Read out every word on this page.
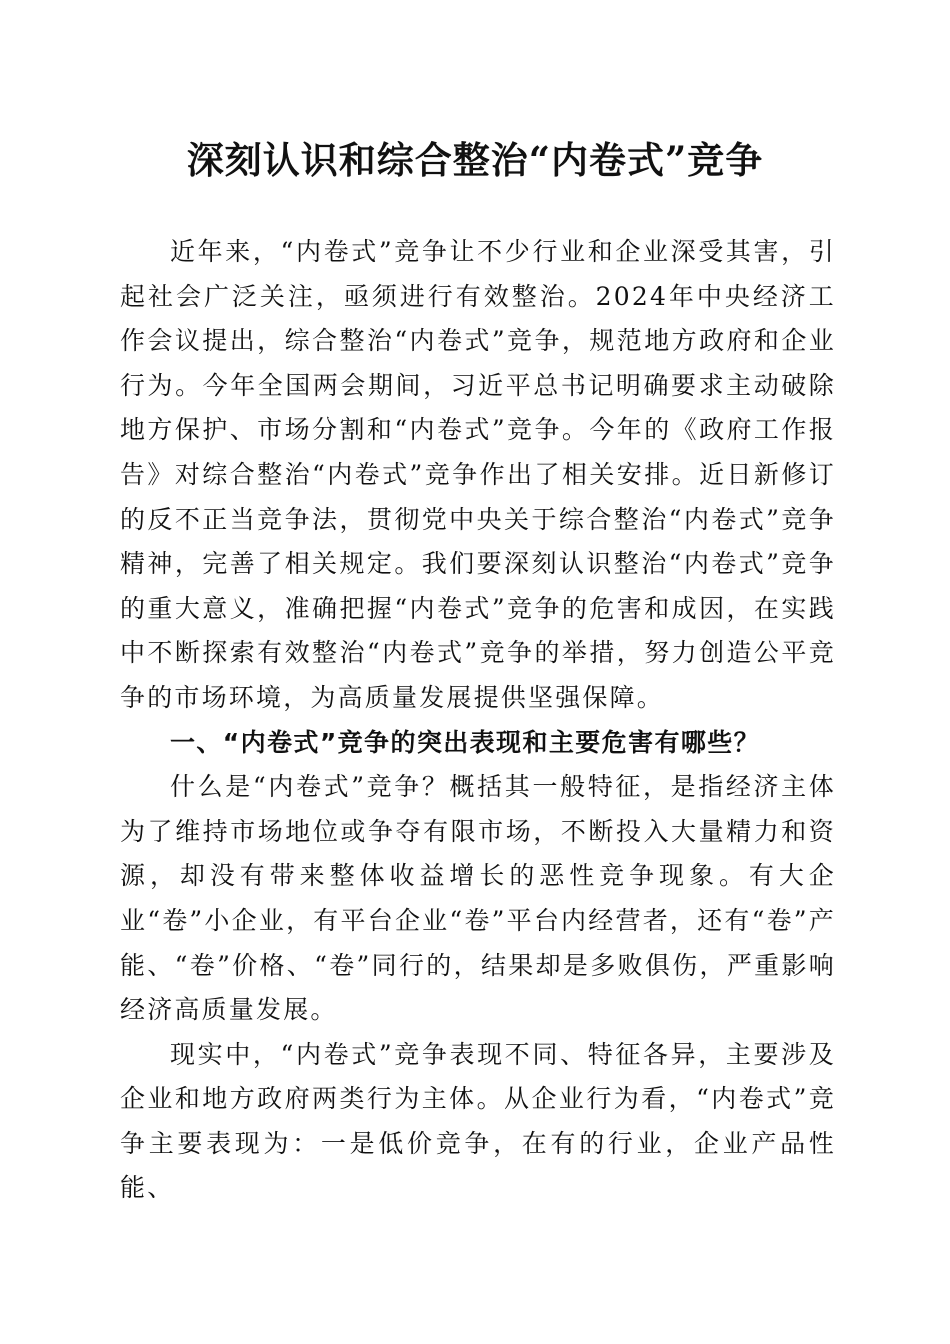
深刻认识和综合整治“内卷式”竞争

近年来，“内卷式”竞争让不少行业和企业深受其害，引起社会广泛关注，亟须进行有效整治。2024年中央经济工作会议提出，综合整治“内卷式”竞争，规范地方政府和企业行为。今年全国两会期间，习近平总书记明确要求主动破除地方保护、市场分割和“内卷式”竞争。今年的《政府工作报告》对综合整治“内卷式”竞争作出了相关安排。近日新修订的反不正当竞争法，贯彻党中央关于综合整治“内卷式”竞争精神，完善了相关规定。我们要深刻认识整治“内卷式”竞争的重大意义，准确把握“内卷式”竞争的危害和成因，在实践中不断探索有效整治“内卷式”竞争的举措，努力创造公平竞争的市场环境，为高质量发展提供坚强保障。

一、“内卷式”竞争的突出表现和主要危害有哪些？

什么是“内卷式”竞争？概括其一般特征，是指经济主体为了维持市场地位或争夺有限市场，不断投入大量精力和资源，却没有带来整体收益增长的恶性竞争现象。有大企业“卷”小企业，有平台企业“卷”平台内经营者，还有“卷”产能、“卷”价格、“卷”同行的，结果却是多败俱伤，严重影响经济高质量发展。

现实中，“内卷式”竞争表现不同、特征各异，主要涉及企业和地方政府两类行为主体。从企业行为看，“内卷式”竞争主要表现为：一是低价竞争，在有的行业，企业产品性能、
